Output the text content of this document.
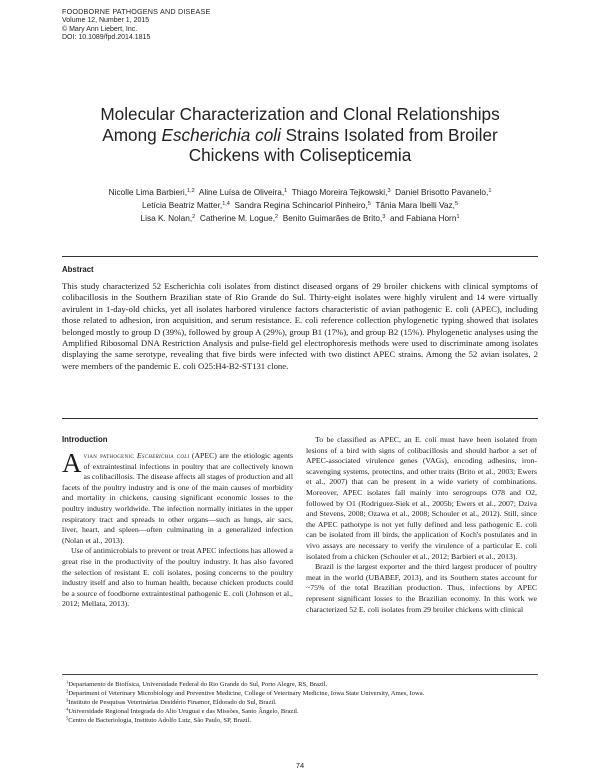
FOODBORNE PATHOGENS AND DISEASE
Volume 12, Number 1, 2015
© Mary Ann Liebert, Inc.
DOI: 10.1089/fpd.2014.1815
Molecular Characterization and Clonal Relationships
Among Escherichia coli Strains Isolated from Broiler
Chickens with Colisepticemia
Nicolle Lima Barbieri,$^{1,2}$ Aline Luísa de Oliveira,$^1$ Thiago Moreira Tejkowski,$^3$ Daniel Brisotto Pavanelo,$^1$
Letícia Beatriz Matter,$^{1,4}$ Sandra Regina Schincariol Pinheiro,$^5$ Tânia Mara Ibelli Vaz,$^5$
Lisa K. Nolan,$^2$ Catherine M. Logue,$^2$ Benito Guimarães de Brito,$^3$ and Fabiana Horn$^1$
Abstract
This study characterized 52 Escherichia coli isolates from distinct diseased organs of 29 broiler chickens with clinical symptoms of colibacillosis in the Southern Brazilian state of Rio Grande do Sul. Thirty-eight isolates were highly virulent and 14 were virtually avirulent in 1-day-old chicks, yet all isolates harbored virulence factors characteristic of avian pathogenic E. coli (APEC), including those related to adhesion, iron acquisition, and serum resistance. E. coli reference collection phylogenetic typing showed that isolates belonged mostly to group D (39%), followed by group A (29%), group B1 (17%), and group B2 (15%). Phylogenetic analyses using the Amplified Ribosomal DNA Restriction Analysis and pulse-field gel electrophoresis methods were used to discriminate among isolates displaying the same serotype, revealing that five birds were infected with two distinct APEC strains. Among the 52 avian isolates, 2 were members of the pandemic E. coli O25:H4-B2-ST131 clone.
Introduction

Avian pathogenic Escherichia coli (APEC) are the etiologic agents of extraintestinal infections in poultry that are collectively known as colibacillosis. The disease affects all stages of production and all facets of the poultry industry and is one of the main causes of morbidity and mortality in chickens, causing significant economic losses to the poultry industry worldwide. The infection normally initiates in the upper respiratory tract and spreads to other organs—such as lungs, air sacs, liver, heart, and spleen—often culminating in a generalized infection (Nolan et al., 2013).

Use of antimicrobials to prevent or treat APEC infections has allowed a great rise in the productivity of the poultry industry. It has also favored the selection of resistant E. coli isolates, posing concerns to the poultry industry itself and also to human health, because chicken products could be a source of foodborne extraintestinal pathogenic E. coli (Johnson et al., 2012; Mellata, 2013).

To be classified as APEC, an E. coli must have been isolated from lesions of a bird with signs of colibacillosis and should harbor a set of APEC-associated virulence genes (VAGs), encoding adhesins, iron-scavenging systems, protectins, and other traits (Brito et al., 2003; Ewers et al., 2007) that can be present in a wide variety of combinations. Moreover, APEC isolates fall mainly into serogroups O78 and O2, followed by O1 (Rodriguez-Siek et al., 2005b; Ewers et al., 2007; Dziva and Stevens, 2008; Ozawa et al., 2008; Schouler et al., 2012). Still, since the APEC pathotype is not yet fully defined and less pathogenic E. coli can be isolated from ill birds, the application of Koch's postulates and in vivo assays are necessary to verify the virulence of a particular E. coli isolated from a chicken (Schouler et al., 2012; Barbieri et al., 2013).

Brazil is the largest exporter and the third largest producer of poultry meat in the world (UBABEF, 2013), and its Southern states account for ~75% of the total Brazilian production. Thus, infections by APEC represent significant losses to the Brazilian economy. In this work we characterized 52 E. coli isolates from 29 broiler chickens with clinical

$^1$Departamento de Biofísica, Universidade Federal do Rio Grande do Sul, Porto Alegre, RS, Brazil.
$^2$Department of Veterinary Microbiology and Preventive Medicine, College of Veterinary Medicine, Iowa State University, Ames, Iowa.
$^3$Instituto de Pesquisas Veterinárias Desidério Finamor, Eldorado do Sul, Brazil.
$^4$Universidade Regional Integrada do Alto Uruguai e das Missões, Santo Ângelo, Brazil.
$^5$Centro de Bacteriologia, Instituto Adolfo Lutz, São Paulo, SP, Brazil.
74
